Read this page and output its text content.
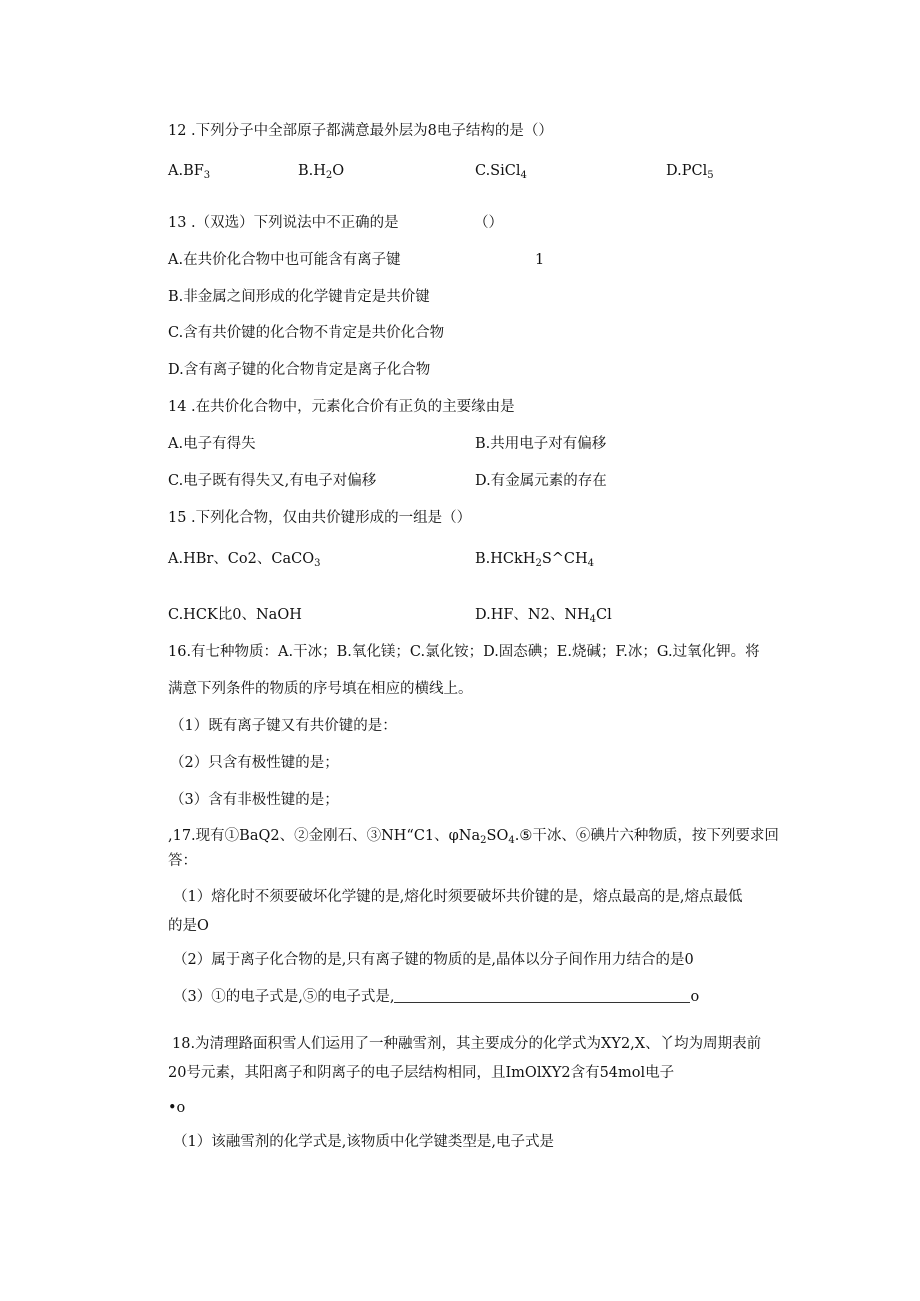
12 .下列分子中全部原子都满意最外层为8电子结构的是（）
$A.BF_3$	$B.H_2O$	C.SiCl$_4$	D.PCl$_5$
13 .（双选）下列说法中不正确的是	（）
A.在共价化合物中也可能含有离子键	1
B.非金属之间形成的化学键肯定是共价键
C.含有共价键的化合物不肯定是共价化合物
D.含有离子键的化合物肯定是离子化合物
14 .在共价化合物中，元素化合价有正负的主要缘由是
A.电子有得失	B.共用电子对有偏移
C.电子既有得失又,有电子对偏移	D.有金属元素的存在
15 .下列化合物，仅由共价键形成的一组是（）
A.HBr、Co2、CaCO$_3$	$B.HCkH_2S\^{}CH_4$
C.HCK比0、NaOH	D.HF、N2、$NH_4Cl$
16.有七种物质：A.干冰；B.氧化镁；C.氯化铵；D.固态碘；E.烧碱；F.冰；G.过氧化钾。将
满意下列条件的物质的序号填在相应的横线上。
（1）既有离子键又有共价键的是：
（2）只含有极性键的是；
（3）含有非极性键的是；
,17.现有①BaQ2、②金刚石、③NH“C1、$\varphi Na_2SO_4.⑤$干冰、⑥碘片六种物质，按下列要求回
答：
（1）熔化时不须要破坏化学键的是,熔化时须要破坏共价键的是，熔点最高的是,熔点最低
的是O
（2）属于离子化合物的是,只有离子键的物质的是,晶体以分子间作用力结合的是0
（3）①的电子式是,⑤的电子式是,	o
18.为清理路面积雪人们运用了一种融雪剂，其主要成分的化学式为XY2,X、丫均为周期表前
20号元素，其阳离子和阴离子的电子层结构相同，且ImOlXY2含有54mol电子
•o
（1）该融雪剂的化学式是,该物质中化学键类型是,电子式是
